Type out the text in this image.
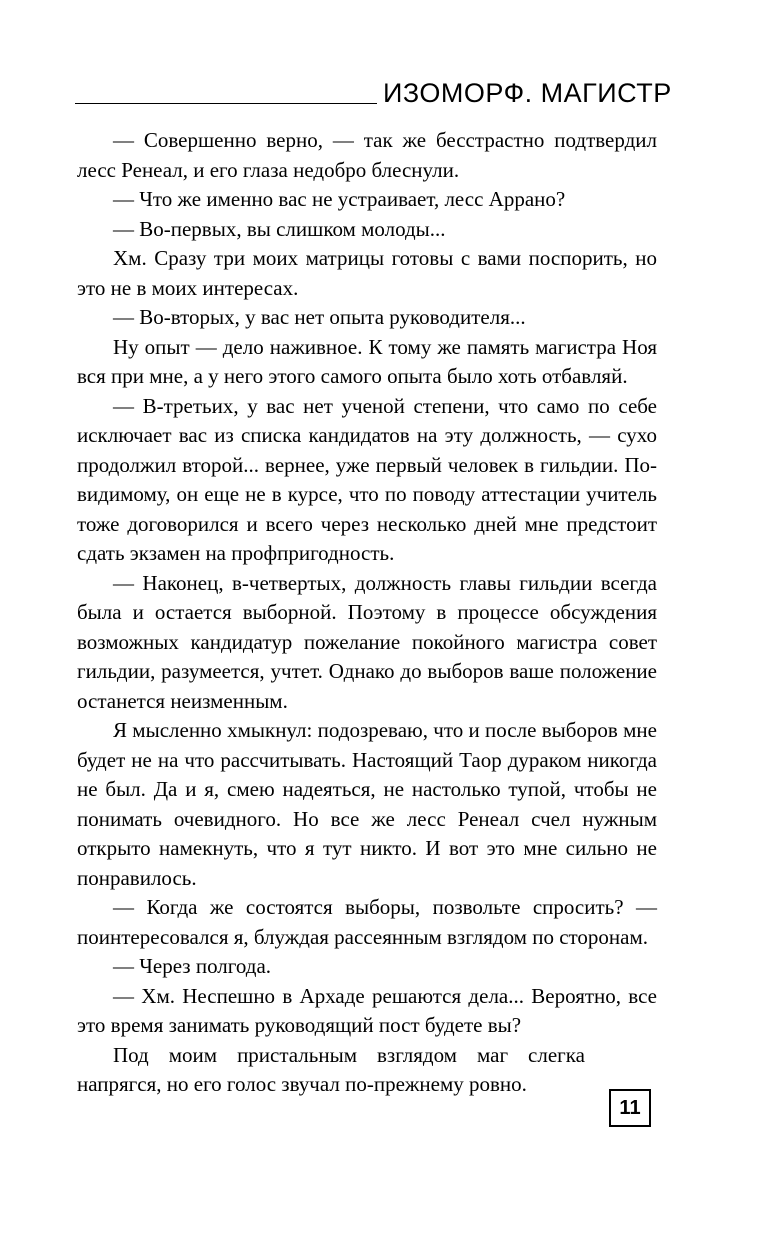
ИЗОМОРФ. МАГИСТР

— Совершенно верно, — так же бесстрастно подтвердил лесс Ренеал, и его глаза недобро блеснули.

— Что же именно вас не устраивает, лесс Аррано?

— Во-первых, вы слишком молоды...

Хм. Сразу три моих матрицы готовы с вами поспорить, но это не в моих интересах.

— Во-вторых, у вас нет опыта руководителя...

Ну опыт — дело наживное. К тому же память магистра Ноя вся при мне, а у него этого самого опыта было хоть отбавляй.

— В-третьих, у вас нет ученой степени, что само по себе исключает вас из списка кандидатов на эту должность, — сухо продолжил второй... вернее, уже первый человек в гильдии. По-видимому, он еще не в курсе, что по поводу аттестации учитель тоже договорился и всего через несколько дней мне предстоит сдать экзамен на профпригодность.

— Наконец, в-четвертых, должность главы гильдии всегда была и остается выборной. Поэтому в процессе обсуждения возможных кандидатур пожелание покойного магистра совет гильдии, разумеется, учтет. Однако до выборов ваше положение останется неизменным.

Я мысленно хмыкнул: подозреваю, что и после выборов мне будет не на что рассчитывать. Настоящий Таор дураком никогда не был. Да и я, смею надеяться, не настолько тупой, чтобы не понимать очевидного. Но все же лесс Ренеал счел нужным открыто намекнуть, что я тут никто. И вот это мне сильно не понравилось.

— Когда же состоятся выборы, позвольте спросить? — поинтересовался я, блуждая рассеянным взглядом по сторонам.

— Через полгода.

— Хм. Неспешно в Архаде решаются дела... Вероятно, все это время занимать руководящий пост будете вы?

Под моим пристальным взглядом маг слегка напрягся, но его голос звучал по-прежнему ровно.

11
